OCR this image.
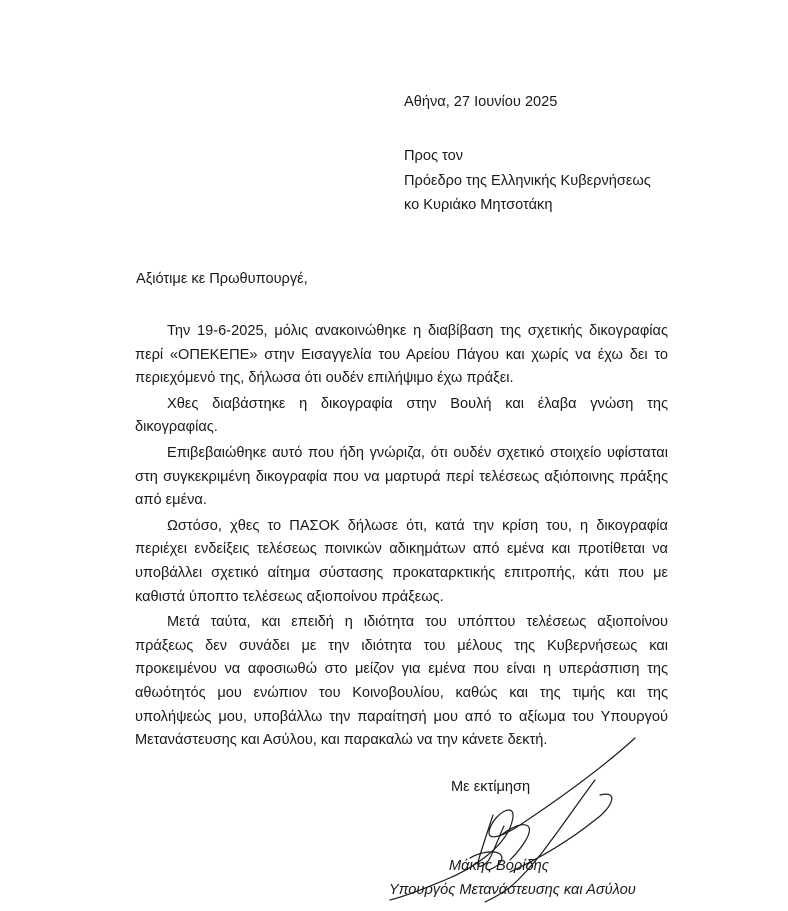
Αθήνα, 27 Ιουνίου 2025
Προς τον
Πρόεδρο της Ελληνικής Κυβερνήσεως
κο Κυριάκο Μητσοτάκη
Αξιότιμε κε Πρωθυπουργέ,

Την 19-6-2025, μόλις ανακοινώθηκε η διαβίβαση της σχετικής δικογραφίας περί «ΟΠΕΚΕΠΕ» στην Εισαγγελία του Αρείου Πάγου και χωρίς να έχω δει το περιεχόμενό της, δήλωσα ότι ουδέν επιλήψιμο έχω πράξει.

Χθες διαβάστηκε η δικογραφία στην Βουλή και έλαβα γνώση της δικογραφίας.

Επιβεβαιώθηκε αυτό που ήδη γνώριζα, ότι ουδέν σχετικό στοιχείο υφίσταται στη συγκεκριμένη δικογραφία που να μαρτυρά περί τελέσεως αξιόποινης πράξης από εμένα.

Ωστόσο, χθες το ΠΑΣΟΚ δήλωσε ότι, κατά την κρίση του, η δικογραφία περιέχει ενδείξεις τελέσεως ποινικών αδικημάτων από εμένα και προτίθεται να υποβάλλει σχετικό αίτημα σύστασης προκαταρκτικής επιτροπής, κάτι που με καθιστά ύποπτο τελέσεως αξιοποίνου πράξεως.

Μετά ταύτα, και επειδή η ιδιότητα του υπόπτου τελέσεως αξιοποίνου πράξεως δεν συνάδει με την ιδιότητα του μέλους της Κυβερνήσεως και προκειμένου να αφοσιωθώ στο μείζον για εμένα που είναι η υπεράσπιση της αθωότητός μου ενώπιον του Κοινοβουλίου, καθώς και της τιμής και της υπολήψεώς μου, υποβάλλω την παραίτησή μου από το αξίωμα του Υπουργού Μετανάστευσης και Ασύλου, και παρακαλώ να την κάνετε δεκτή.

Με εκτίμηση
Μάκης Βορίδης
Υπουργός Μετανάστευσης και Ασύλου
